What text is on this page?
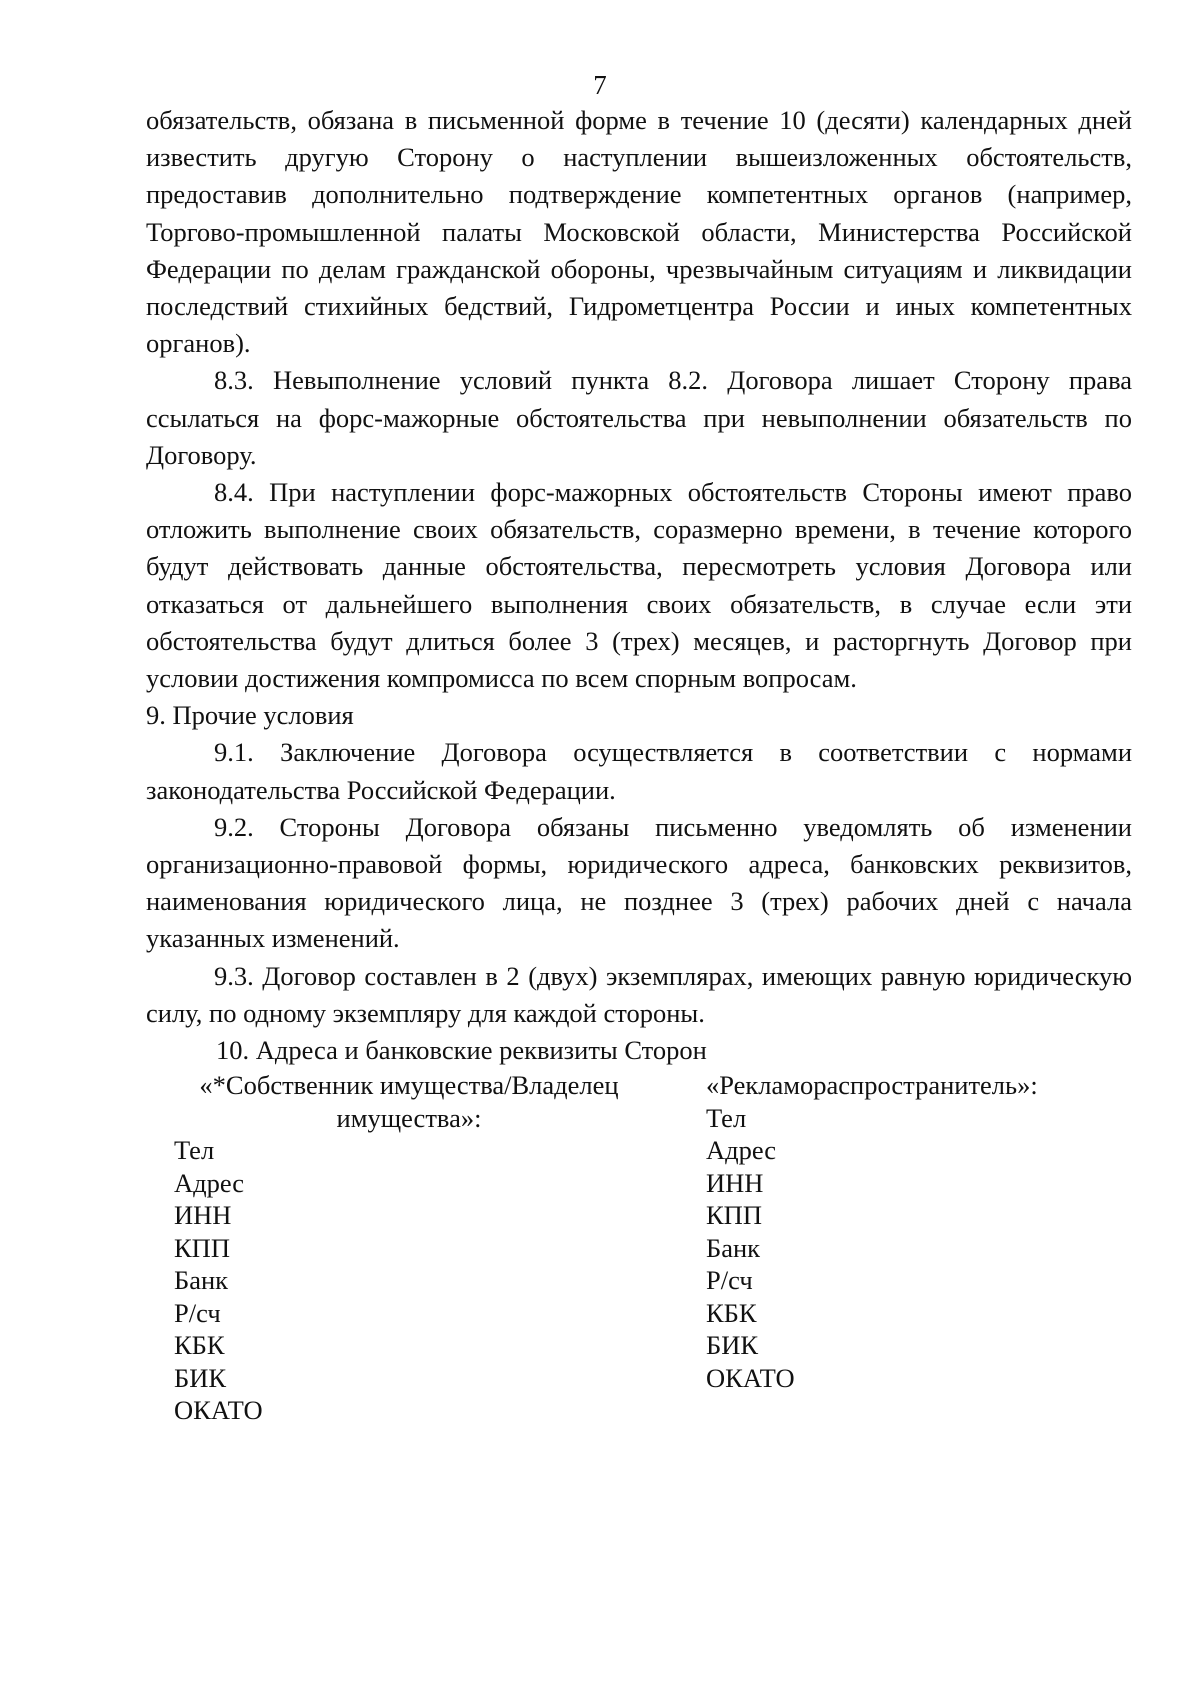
7

обязательств, обязана в письменной форме в течение 10 (десяти) календарных дней известить другую Сторону о наступлении вышеизложенных обстоятельств, предоставив дополнительно подтверждение компетентных органов (например, Торгово-промышленной палаты Московской области, Министерства Российской Федерации по делам гражданской обороны, чрезвычайным ситуациям и ликвидации последствий стихийных бедствий, Гидрометцентра России и иных компетентных органов).

8.3. Невыполнение условий пункта 8.2. Договора лишает Сторону права ссылаться на форс-мажорные обстоятельства при невыполнении обязательств по Договору.

8.4. При наступлении форс-мажорных обстоятельств Стороны имеют право отложить выполнение своих обязательств, соразмерно времени, в течение которого будут действовать данные обстоятельства, пересмотреть условия Договора или отказаться от дальнейшего выполнения своих обязательств, в случае если эти обстоятельства будут длиться более 3 (трех) месяцев, и расторгнуть Договор при условии достижения компромисса по всем спорным вопросам.

9. Прочие условия

9.1. Заключение Договора осуществляется в соответствии с нормами законодательства Российской Федерации.

9.2. Стороны Договора обязаны письменно уведомлять об изменении организационно-правовой формы, юридического адреса, банковских реквизитов, наименования юридического лица, не позднее 3 (трех) рабочих дней с начала указанных изменений.

9.3. Договор составлен в 2 (двух) экземплярах, имеющих равную юридическую силу, по одному экземпляру для каждой стороны.

10. Адреса и банковские реквизиты Сторон

«*Собственник имущества/Владелец

имущества»:

Тел

Адрес

ИНН

КПП

Банк

Р/сч

КБК

БИК

ОКАТО

«Рекламораспространитель»:

Тел

Адрес

ИНН

КПП

Банк

Р/сч

КБК

БИК

ОКАТО
